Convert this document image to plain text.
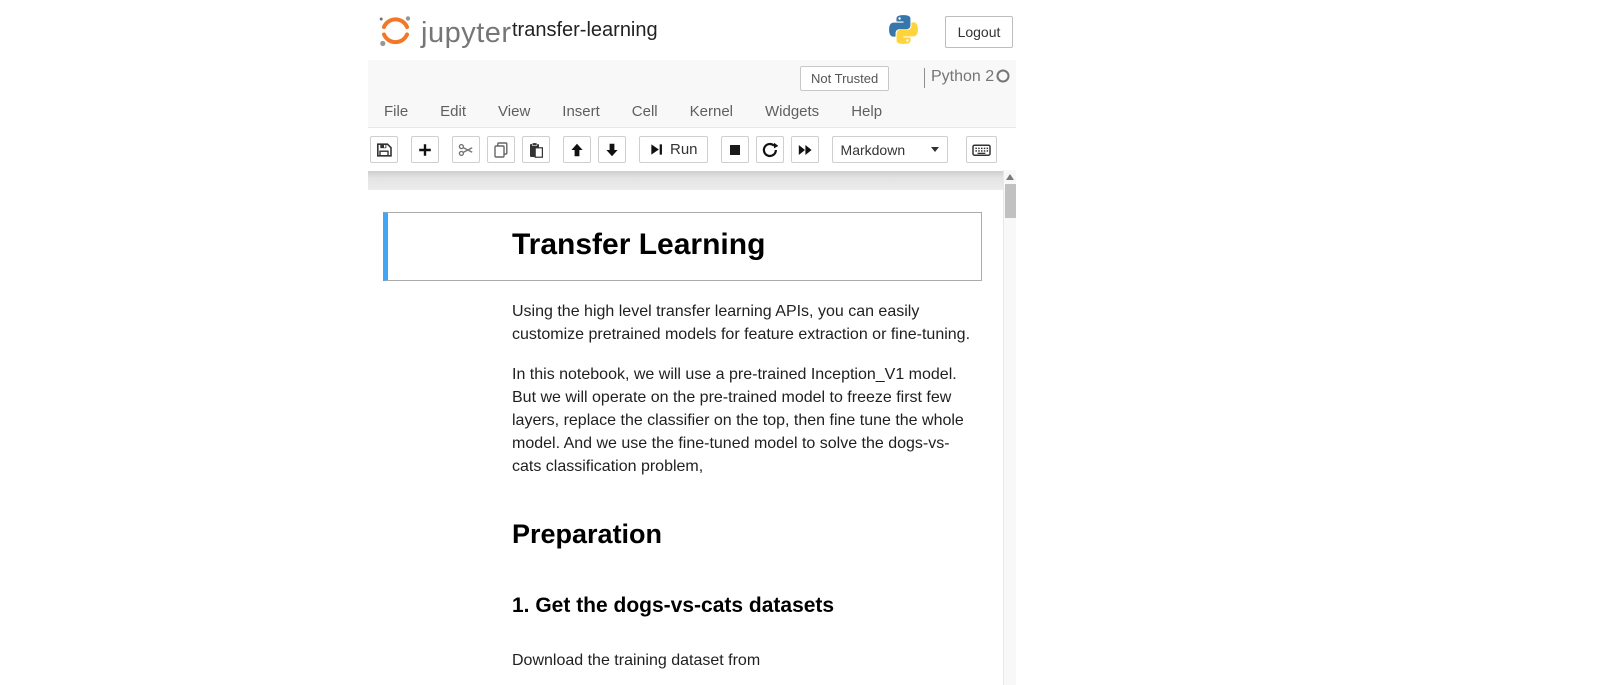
jupyter transfer-learning	Logout
Not Trusted	Python 2
File	Edit	View	Insert	Cell	Kernel	Widgets	Help
Run	Markdown
Transfer Learning

Using the high level transfer learning APIs, you can easily customize pretrained models for feature extraction or fine-tuning.

In this notebook, we will use a pre-trained Inception_V1 model. But we will operate on the pre-trained model to freeze first few layers, replace the classifier on the top, then fine tune the whole model. And we use the fine-tuned model to solve the dogs-vs-cats classification problem,

Preparation
1. Get the dogs-vs-cats datasets

Download the training dataset from
